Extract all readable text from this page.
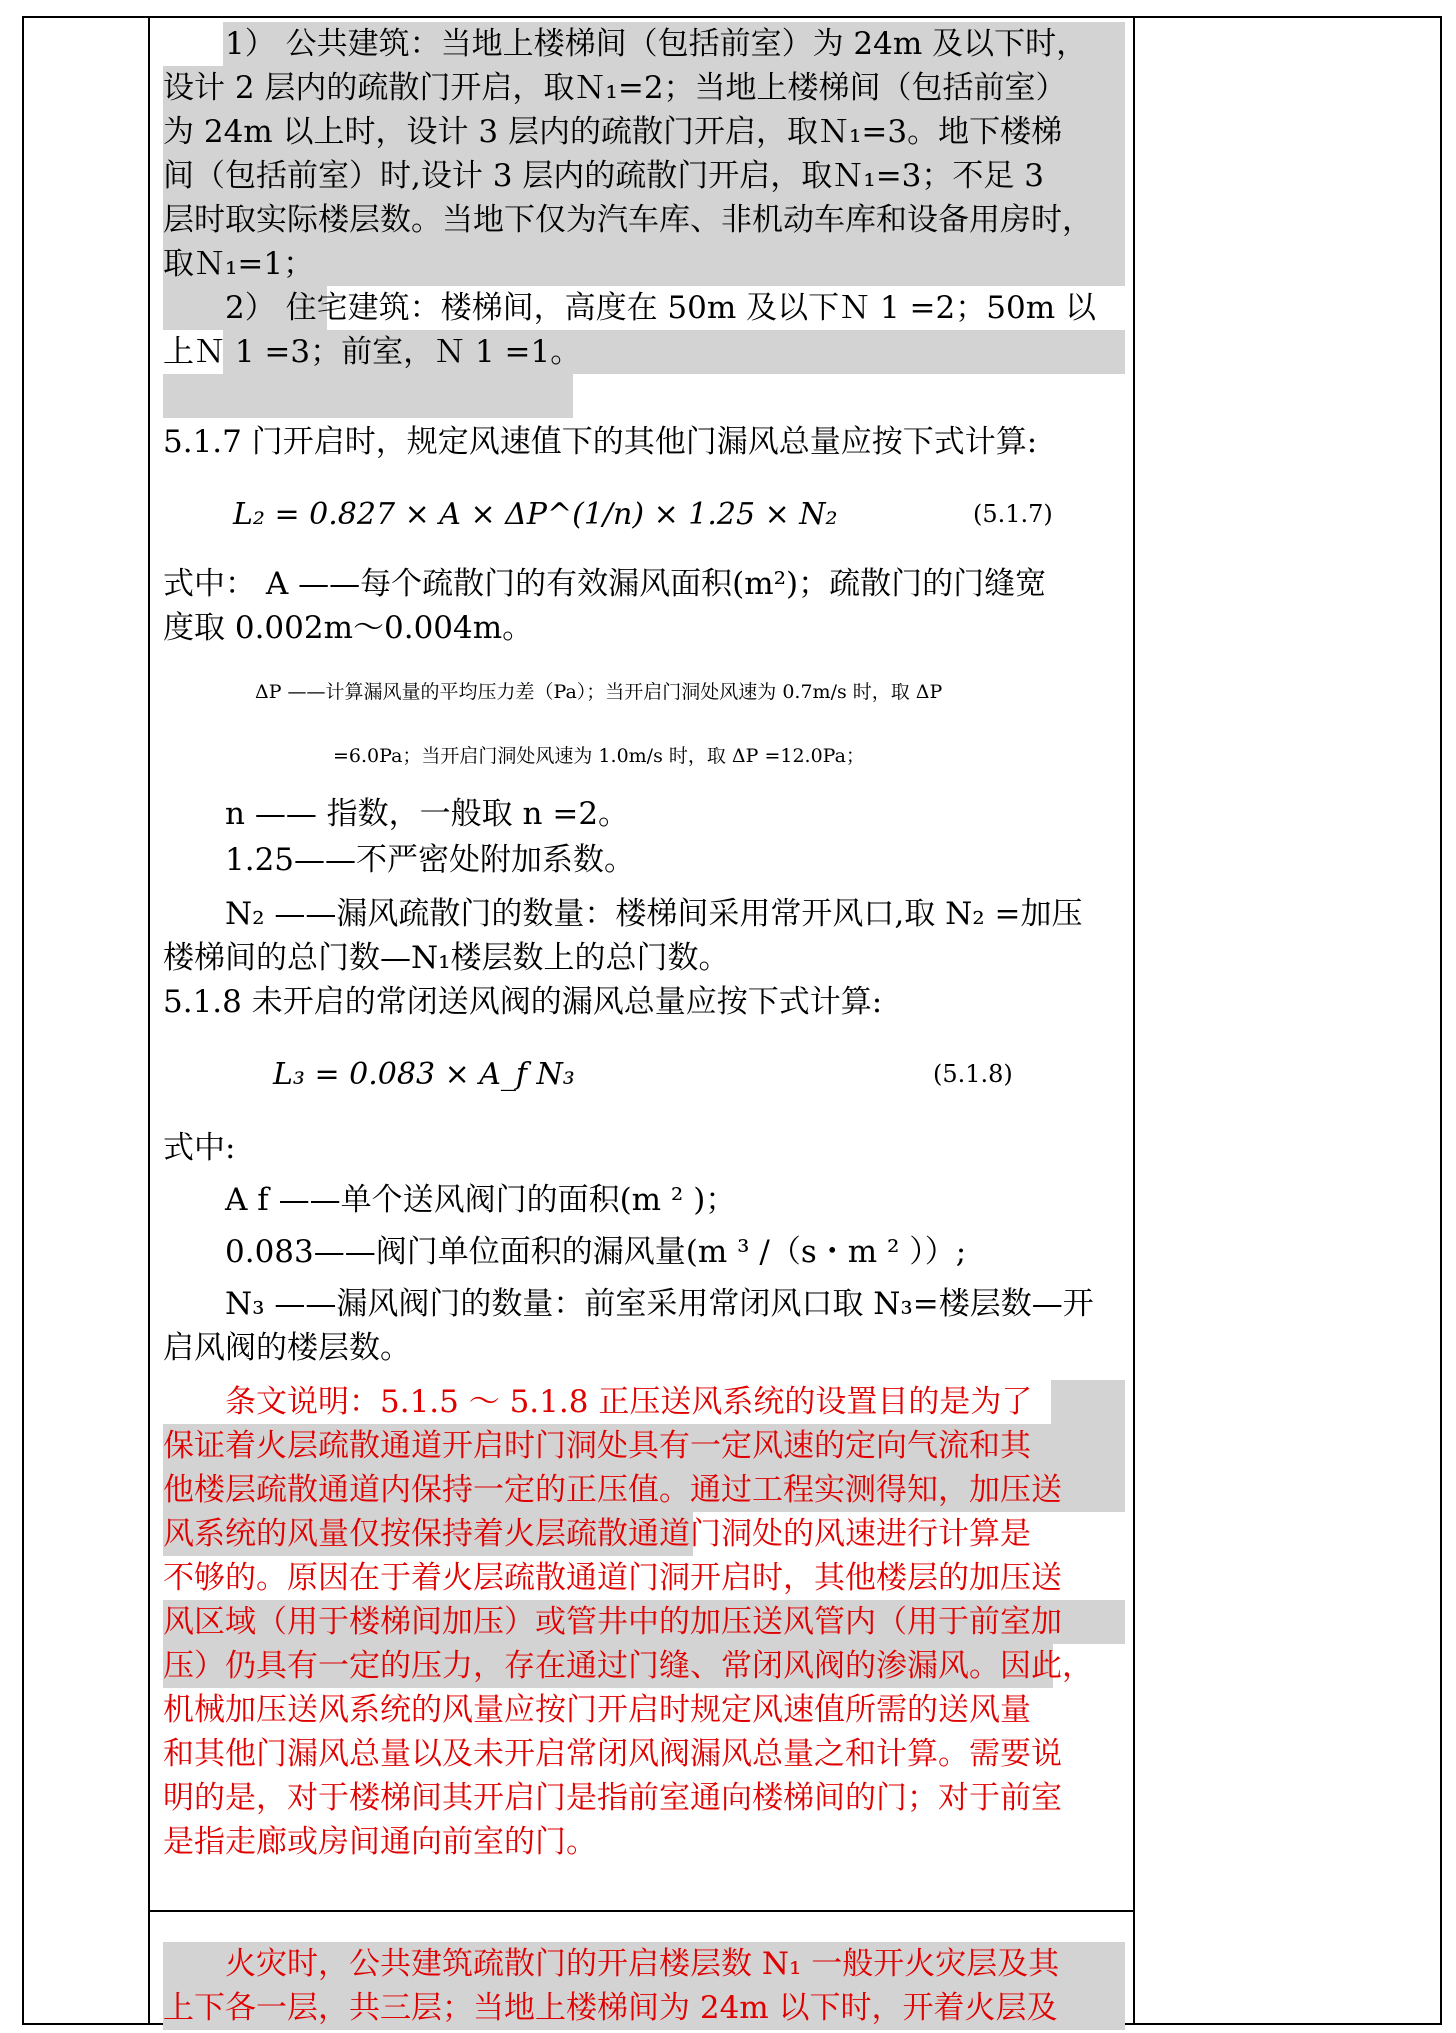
　　1） 公共建筑：当地上楼梯间（包括前室）为 24m 及以下时，
设计 2 层内的疏散门开启，取Ｎ₁=2；当地上楼梯间（包括前室）
为 24m 以上时，设计 3 层内的疏散门开启，取Ｎ₁=3。地下楼梯
间（包括前室）时,设计 3 层内的疏散门开启，取Ｎ₁=3；不足 3
层时取实际楼层数。当地下仅为汽车库、非机动车库和设备用房时，
取Ｎ₁=1；
　　2） 住宅建筑：楼梯间，高度在 50m 及以下Ｎ 1 =2；50m 以
上Ｎ 1 =3；前室，Ｎ 1 =1。
5.1.7 门开启时，规定风速值下的其他门漏风总量应按下式计算:
L₂ = 0.827 × A × ΔP^(1/n) × 1.25 × N₂	(5.1.7)
式中： A ——每个疏散门的有效漏风面积(m²)；疏散门的门缝宽
度取 0.002m～0.004m。
ΔP ——计算漏风量的平均压力差（Pa）；当开启门洞处风速为 0.7m/s 时，取 ΔP
=6.0Pa；当开启门洞处风速为 1.0m/s 时，取 ΔP =12.0Pa；
　　n —— 指数，一般取 n =2。
　　1.25——不严密处附加系数。
　　N₂ ——漏风疏散门的数量：楼梯间采用常开风口,取 N₂ =加压
楼梯间的总门数—N₁楼层数上的总门数。
5.1.8 未开启的常闭送风阀的漏风总量应按下式计算:
L₃ = 0.083 × A_f N₃	(5.1.8)
式中:
　　A f ——单个送风阀门的面积(m ² )；
　　0.083——阀门单位面积的漏风量(m ³ /（s・m ² ））;
　　N₃ ——漏风阀门的数量：前室采用常闭风口取 N₃=楼层数—开
启风阀的楼层数。
　　条文说明：5.1.5 ～ 5.1.8 正压送风系统的设置目的是为了
保证着火层疏散通道开启时门洞处具有一定风速的定向气流和其
他楼层疏散通道内保持一定的正压值。通过工程实测得知，加压送
风系统的风量仅按保持着火层疏散通道门洞处的风速进行计算是
不够的。原因在于着火层疏散通道门洞开启时，其他楼层的加压送
风区域（用于楼梯间加压）或管井中的加压送风管内（用于前室加
压）仍具有一定的压力，存在通过门缝、常闭风阀的渗漏风。因此，
机械加压送风系统的风量应按门开启时规定风速值所需的送风量
和其他门漏风总量以及未开启常闭风阀漏风总量之和计算。需要说
明的是，对于楼梯间其开启门是指前室通向楼梯间的门；对于前室
是指走廊或房间通向前室的门。
　　火灾时，公共建筑疏散门的开启楼层数 N₁ 一般开火灾层及其
上下各一层，共三层；当地上楼梯间为 24m 以下时，开着火层及
